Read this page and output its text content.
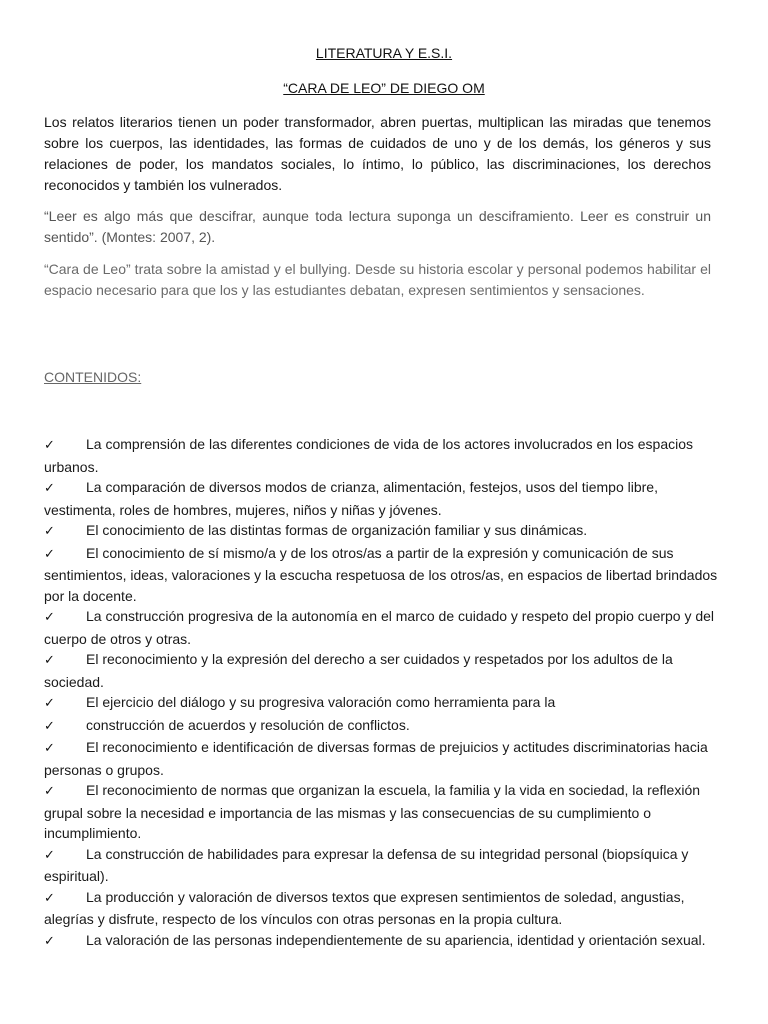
LITERATURA Y E.S.I.
“CARA DE LEO” DE DIEGO OM

Los relatos literarios tienen un poder transformador, abren puertas, multiplican las miradas que tenemos sobre los cuerpos, las identidades, las formas de cuidados de uno y de los demás, los géneros y sus relaciones de poder, los mandatos sociales, lo íntimo, lo público, las discriminaciones, los derechos reconocidos y también los vulnerados.

“Leer es algo más que descifrar, aunque toda lectura suponga un desciframiento. Leer es construir un sentido”. (Montes: 2007, 2).

“Cara de Leo” trata sobre la amistad y el bullying. Desde su historia escolar y personal podemos habilitar el espacio necesario para que los y las estudiantes debatan, expresen sentimientos y sensaciones.

CONTENIDOS:
✓ La comprensión de las diferentes condiciones de vida de los actores involucrados en los espacios urbanos.
✓ La comparación de diversos modos de crianza, alimentación, festejos, usos del tiempo libre, vestimenta, roles de hombres, mujeres, niños y niñas y jóvenes.
✓ El conocimiento de las distintas formas de organización familiar y sus dinámicas.
✓ El conocimiento de sí mismo/a y de los otros/as a partir de la expresión y comunicación de sus sentimientos, ideas, valoraciones y la escucha respetuosa de los otros/as, en espacios de libertad brindados por la docente.
✓ La construcción progresiva de la autonomía en el marco de cuidado y respeto del propio cuerpo y del cuerpo de otros y otras.
✓ El reconocimiento y la expresión del derecho a ser cuidados y respetados por los adultos de la sociedad.
✓ El ejercicio del diálogo y su progresiva valoración como herramienta para la
✓ construcción de acuerdos y resolución de conflictos.
✓ El reconocimiento e identificación de diversas formas de prejuicios y actitudes discriminatorias hacia personas o grupos.
✓ El reconocimiento de normas que organizan la escuela, la familia y la vida en sociedad, la reflexión grupal sobre la necesidad e importancia de las mismas y las consecuencias de su cumplimiento o incumplimiento.
✓ La construcción de habilidades para expresar la defensa de su integridad personal (biopsíquica y espiritual).
✓ La producción y valoración de diversos textos que expresen sentimientos de soledad, angustias, alegrías y disfrute, respecto de los vínculos con otras personas en la propia cultura.
✓ La valoración de las personas independientemente de su apariencia, identidad y orientación sexual.
